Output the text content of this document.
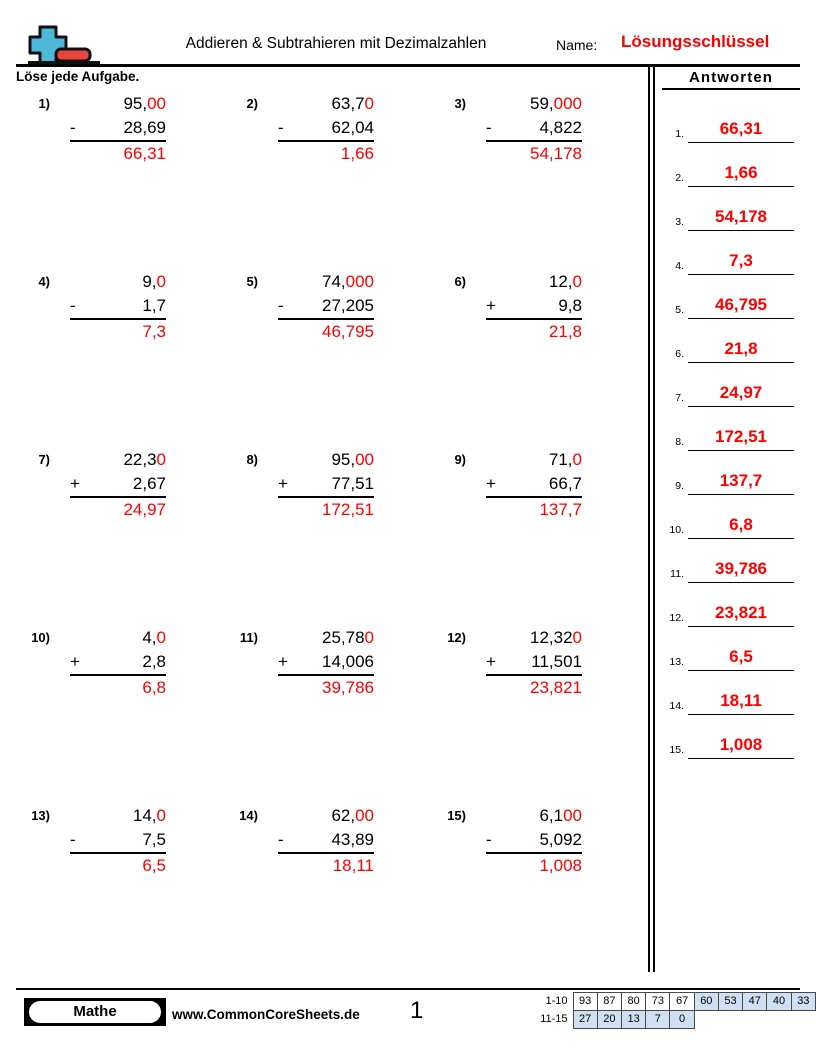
Addieren & Subtrahieren mit Dezimalzahlen	Name: Lösungsschlüssel
Löse jede Aufgabe.
1)	95,00
-	28,69
66,31
2)	63,70
-	62,04
1,66
3)	59,000
-   4,822
54,178
4)	9,0
-	1,7
7,3
5)	74,000
- 27,205
46,795
6)	12,0
+	  9,8
21,8
7)	22,30
+	  2,67
24,97
8)	95,00
+	77,51
172,51
9)	71,0
+	66,7
137,7
10)	4,0
+	2,8
6,8
11)	25,780
+ 14,006
39,786
12)	12,320
+ 11,501
23,821
13)	14,0
-	  7,5
6,5
14)	62,00
-	43,89
18,11
15)	6,100
-	5,092
1,008
Antworten
1.	66,31
2.	1,66
3.	54,178
4.	7,3
5.	46,795
6.	21,8
7.	24,97
8.	172,51
9.	137,7
10.	6,8
11.	39,786
12.	23,821
13.	6,5
14.	18,11
15.	1,008
Mathe	www.CommonCoreSheets.de 1	1-10	93	87	80	73	67	60	53	47	40	33
11-15	27	20	13	7	0					
